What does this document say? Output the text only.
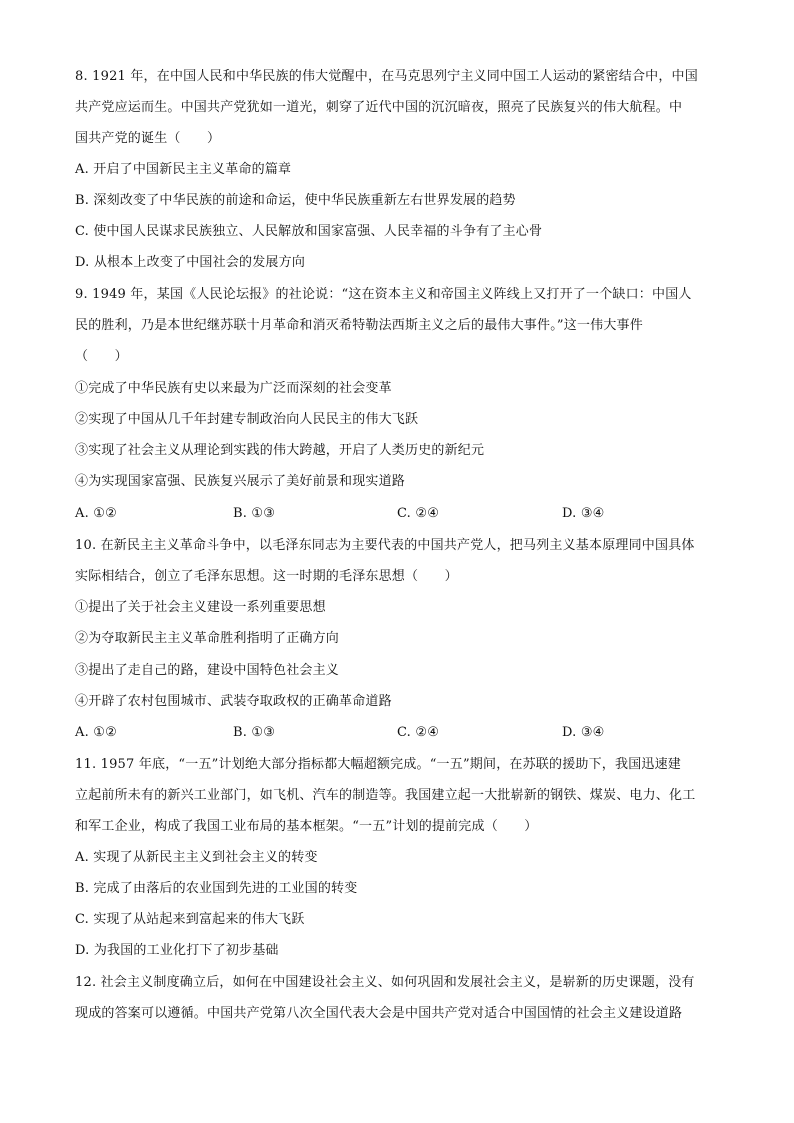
8. 1921 年，在中国人民和中华民族的伟大觉醒中，在马克思列宁主义同中国工人运动的紧密结合中，中国
共产党应运而生。中国共产党犹如一道光，刺穿了近代中国的沉沉暗夜，照亮了民族复兴的伟大航程。中
国共产党的诞生（　　）
A. 开启了中国新民主主义革命的篇章
B. 深刻改变了中华民族的前途和命运，使中华民族重新左右世界发展的趋势
C. 使中国人民谋求民族独立、人民解放和国家富强、人民幸福的斗争有了主心骨
D. 从根本上改变了中国社会的发展方向
9. 1949 年，某国《人民论坛报》的社论说：“这在资本主义和帝国主义阵线上又打开了一个缺口：中国人
民的胜利，乃是本世纪继苏联十月革命和消灭希特勒法西斯主义之后的最伟大事件。”这一伟大事件
（　　）
①完成了中华民族有史以来最为广泛而深刻的社会变革
②实现了中国从几千年封建专制政治向人民民主的伟大飞跃
③实现了社会主义从理论到实践的伟大跨越，开启了人类历史的新纪元
④为实现国家富强、民族复兴展示了美好前景和现实道路
A. ①②	B. ①③	C. ②④	D. ③④
10. 在新民主主义革命斗争中，以毛泽东同志为主要代表的中国共产党人，把马列主义基本原理同中国具体
实际相结合，创立了毛泽东思想。这一时期的毛泽东思想（　　）
①提出了关于社会主义建设一系列重要思想
②为夺取新民主主义革命胜利指明了正确方向
③提出了走自己的路，建设中国特色社会主义
④开辟了农村包围城市、武装夺取政权的正确革命道路
A. ①②	B. ①③	C. ②④	D. ③④
11. 1957 年底，“一五”计划绝大部分指标都大幅超额完成。“一五”期间，在苏联的援助下，我国迅速建
立起前所未有的新兴工业部门，如飞机、汽车的制造等。我国建立起一大批崭新的钢铁、煤炭、电力、化工
和军工企业，构成了我国工业布局的基本框架。“一五”计划的提前完成（　　）
A. 实现了从新民主主义到社会主义的转变
B. 完成了由落后的农业国到先进的工业国的转变
C. 实现了从站起来到富起来的伟大飞跃
D. 为我国的工业化打下了初步基础
12. 社会主义制度确立后，如何在中国建设社会主义、如何巩固和发展社会主义，是崭新的历史课题，没有
现成的答案可以遵循。中国共产党第八次全国代表大会是中国共产党对适合中国国情的社会主义建设道路
